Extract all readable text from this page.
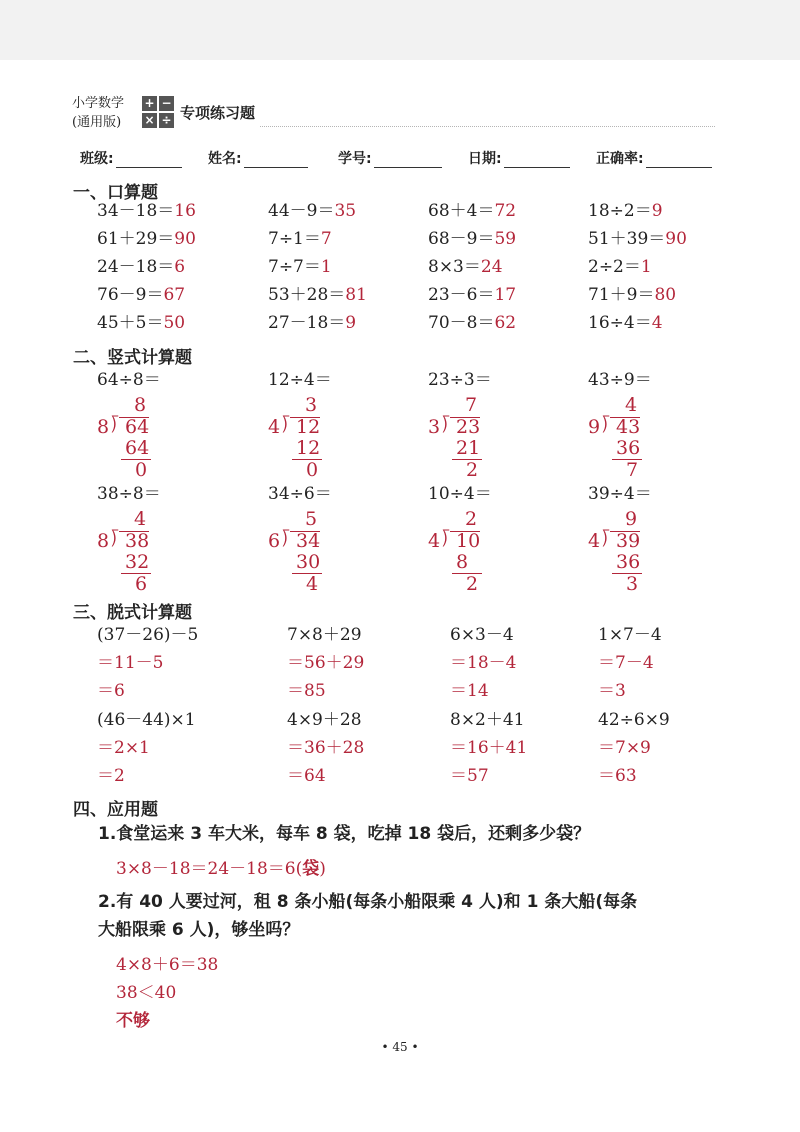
小学数学
(通用版)
+ −
× ÷ 专项练习题
班级:	姓名:	学号:	日期:	正确率:
一、口算题
34－18＝16	44－9＝35	68＋4＝72	18÷2＝9
61＋29＝90	7÷1＝7	68－9＝59	51＋39＝90
24－18＝6	7÷7＝1	8×3＝24	2÷2＝1
76－9＝67	53＋28＝81	23－6＝17	71＋9＝80
45＋5＝50	27－18＝9	70－8＝62	16÷4＝4
二、竖式计算题
64÷8＝
8
8 ⟌ 64
64
0
12÷4＝
3
4 ⟌ 12
12
0
23÷3＝
7
3 ⟌ 23
21
2
43÷9＝
4
9 ⟌ 43
36
7
38÷8＝
4
8 ⟌ 38
32
6
34÷6＝
5
6 ⟌ 34
30
4
10÷4＝
2
4 ⟌ 10
8
2
39÷4＝
9
4 ⟌ 39
36
3
三、脱式计算题
(37－26)－5
＝11－5
＝6
7×8＋29
＝56＋29
＝85
6×3－4
＝18－4
＝14
1×7－4
＝7－4
＝3
(46－44)×1
＝2×1
＝2
4×9＋28
＝36＋28
＝64
8×2＋41
＝16＋41
＝57
42÷6×9
＝7×9
＝63
四、应用题
1.食堂运来 3 车大米，每车 8 袋，吃掉 18 袋后，还剩多少袋？
3×8－18＝24－18＝6(袋)
2.有 40 人要过河，租 8 条小船(每条小船限乘 4 人)和 1 条大船(每条
大船限乘 6 人)，够坐吗？
4×8＋6＝38
38＜40
不够
• 45 •
